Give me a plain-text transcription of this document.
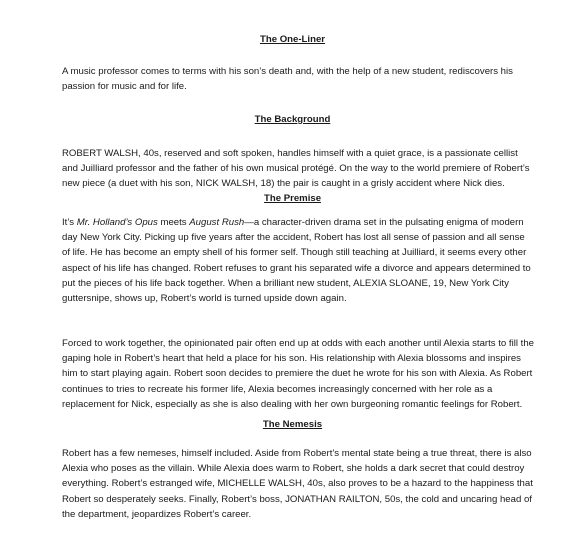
The One-Liner

A music professor comes to terms with his son’s death and, with the help of a new student, rediscovers his
passion for music and for life.

The Background

ROBERT WALSH, 40s, reserved and soft spoken, handles himself with a quiet grace, is a passionate cellist
and Juilliard professor and the father of his own musical protégé. On the way to the world premiere of Robert’s
new piece (a duet with his son, NICK WALSH, 18) the pair is caught in a grisly accident where Nick dies.

The Premise

It’s Mr. Holland’s Opus meets August Rush—a character-driven drama set in the pulsating enigma of modern
day New York City. Picking up five years after the accident, Robert has lost all sense of passion and all sense
of life. He has become an empty shell of his former self. Though still teaching at Juilliard, it seems every other
aspect of his life has changed. Robert refuses to grant his separated wife a divorce and appears determined to
put the pieces of his life back together. When a brilliant new student, ALEXIA SLOANE, 19, New York City
guttersnipe, shows up, Robert’s world is turned upside down again.

Forced to work together, the opinionated pair often end up at odds with each another until Alexia starts to fill the
gaping hole in Robert’s heart that held a place for his son. His relationship with Alexia blossoms and inspires
him to start playing again. Robert soon decides to premiere the duet he wrote for his son with Alexia. As Robert
continues to tries to recreate his former life, Alexia becomes increasingly concerned with her role as a
replacement for Nick, especially as she is also dealing with her own burgeoning romantic feelings for Robert.

The Nemesis

Robert has a few nemeses, himself included. Aside from Robert’s mental state being a true threat, there is also
Alexia who poses as the villain. While Alexia does warm to Robert, she holds a dark secret that could destroy
everything. Robert’s estranged wife, MICHELLE WALSH, 40s, also proves to be a hazard to the happiness that
Robert so desperately seeks. Finally, Robert’s boss, JONATHAN RAILTON, 50s, the cold and uncaring head of
the department, jeopardizes Robert’s career.
